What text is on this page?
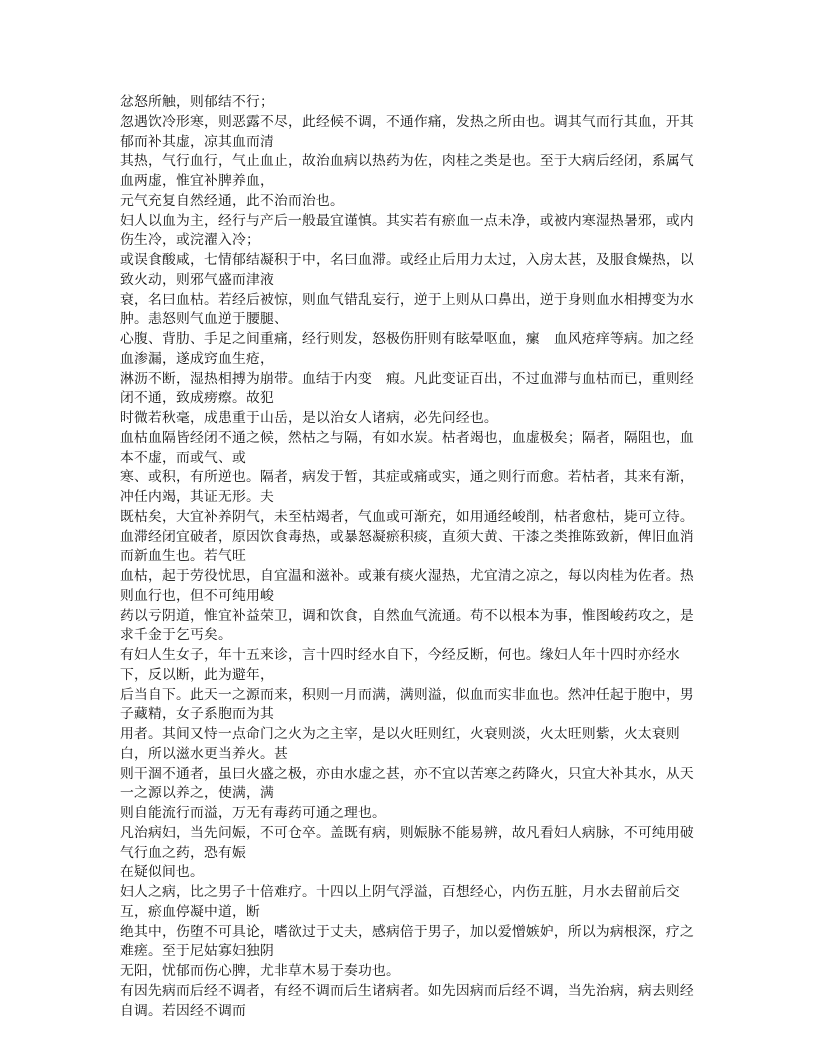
忿怒所触，则郁结不行；
忽遇饮冷形寒，则恶露不尽，此经候不调，不通作痛，发热之所由也。调其气而行其血，开其郁而补其虚，凉其血而清
其热，气行血行，气止血止，故治血病以热药为佐，肉桂之类是也。至于大病后经闭，系属气血两虚，惟宜补脾养血，
元气充复自然经通，此不治而治也。
妇人以血为主，经行与产后一般最宜谨慎。其实若有瘀血一点未净，或被内寒湿热暑邪，或内伤生冷，或浣濯入冷；
或误食酸咸，七情郁结凝积于中，名曰血滞。或经止后用力太过，入房太甚，及服食燥热，以致火动，则邪气盛而津液
衰，名曰血枯。若经后被惊，则血气错乱妄行，逆于上则从口鼻出，逆于身则血水相搏变为水肿。恚怒则气血逆于腰腿、
心腹、背肋、手足之间重痛，经行则发，怒极伤肝则有眩晕呕血，瘰　血风疮痒等病。加之经血渗漏，遂成窍血生疮，
淋沥不断，湿热相搏为崩带。血结于内变　瘕。凡此变证百出，不过血滞与血枯而已，重则经闭不通，致成痨瘵。故犯
时微若秋毫，成患重于山岳，是以治女人诸病，必先问经也。
血枯血隔皆经闭不通之候，然枯之与隔，有如水炭。枯者竭也，血虚极矣；隔者，隔阻也，血本不虚，而或气、或
寒、或积，有所逆也。隔者，病发于暂，其症或痛或实，通之则行而愈。若枯者，其来有渐，冲任内竭，其证无形。夫
既枯矣，大宜补养阴气，未至枯竭者，气血或可渐充，如用通经峻削，枯者愈枯，毙可立待。
血滞经闭宜破者，原因饮食毒热，或暴怒凝瘀积痰，直须大黄、干漆之类推陈致新，俾旧血消而新血生也。若气旺
血枯，起于劳役忧思，自宜温和滋补。或兼有痰火湿热，尤宜清之凉之，每以肉桂为佐者。热则血行也，但不可纯用峻
药以亏阴道，惟宜补益荣卫，调和饮食，自然血气流通。苟不以根本为事，惟图峻药攻之，是求千金于乞丐矣。
有妇人生女子，年十五来诊，言十四时经水自下，今经反断，何也。缘妇人年十四时亦经水下，反以断，此为避年，
后当自下。此天一之源而来，积则一月而满，满则溢，似血而实非血也。然冲任起于胞中，男子藏精，女子系胞而为其
用者。其间又恃一点命门之火为之主宰，是以火旺则红，火衰则淡，火太旺则紫，火太衰则白，所以滋水更当养火。甚
则干涸不通者，虽曰火盛之极，亦由水虚之甚，亦不宜以苦寒之药降火，只宜大补其水，从天一之源以养之，使满，满
则自能流行而溢，万无有毒药可通之理也。
凡治病妇，当先问娠，不可仓卒。盖既有病，则娠脉不能易辨，故凡看妇人病脉，不可纯用破气行血之药，恐有娠
在疑似间也。
妇人之病，比之男子十倍难疗。十四以上阴气浮溢，百想经心，内伤五脏，月水去留前后交互，瘀血停凝中道，断
绝其中，伤堕不可具论，嗜欲过于丈夫，感病倍于男子，加以爱憎嫉妒，所以为病根深，疗之难瘥。至于尼姑寡妇独阴
无阳，忧郁而伤心脾，尤非草木易于奏功也。
有因先病而后经不调者，有经不调而后生诸病者。如先因病而后经不调，当先治病，病去则经自调。若因经不调而
